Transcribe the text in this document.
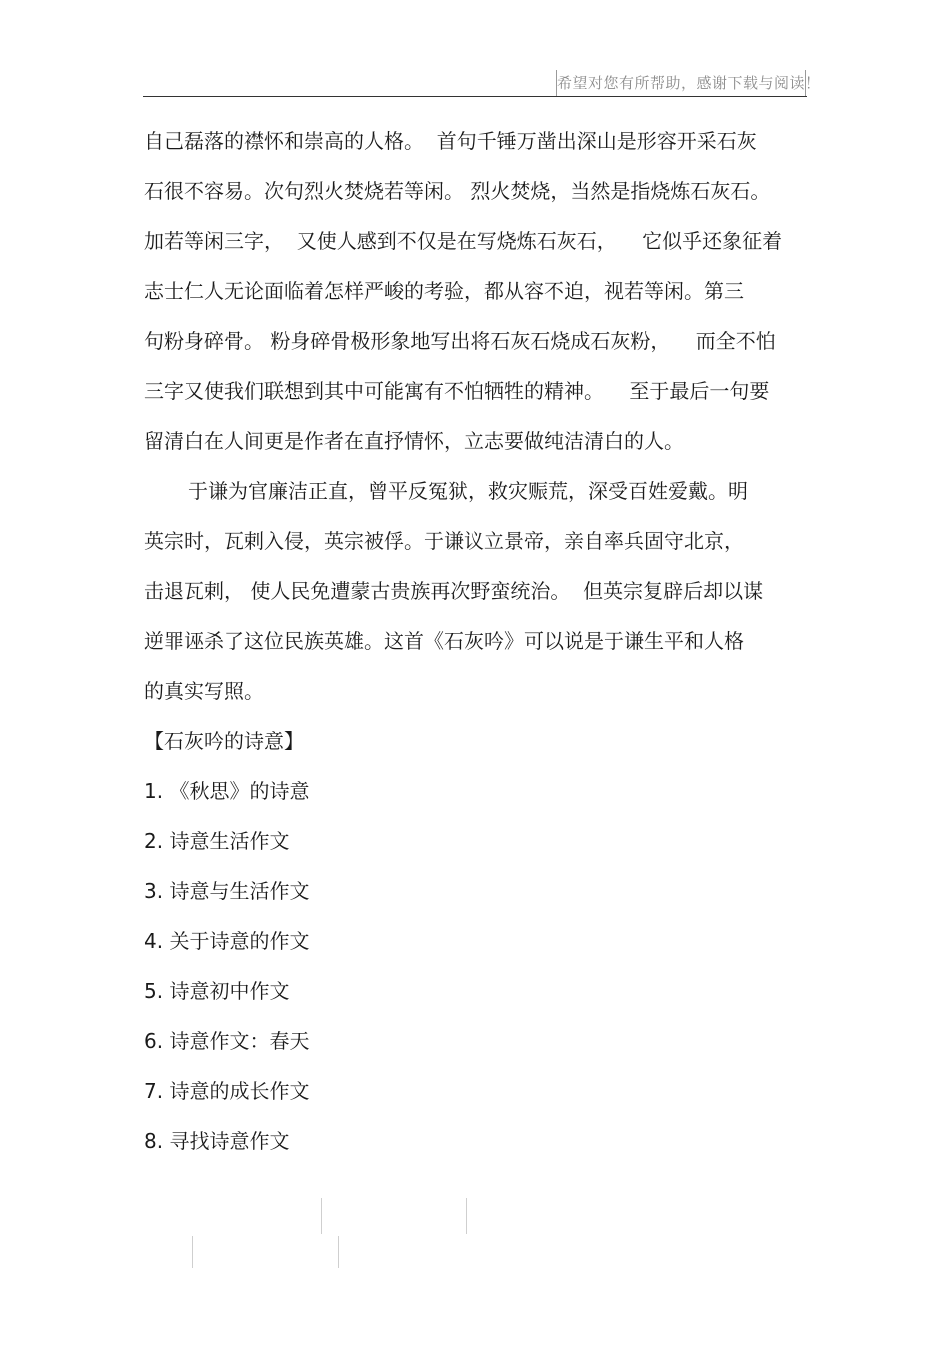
希望对您有所帮助，感谢下载与阅读！
自己磊落的襟怀和崇高的人格。  首句千锤万凿出深山是形容开采石灰
石很不容易。次句烈火焚烧若等闲。 烈火焚烧，当然是指烧炼石灰石。
加若等闲三字，  又使人感到不仅是在写烧炼石灰石，    它似乎还象征着
志士仁人无论面临着怎样严峻的考验，都从容不迫，视若等闲。第三
句粉身碎骨。 粉身碎骨极形象地写出将石灰石烧成石灰粉，    而全不怕
三字又使我们联想到其中可能寓有不怕牺牲的精神。    至于最后一句要
留清白在人间更是作者在直抒情怀，立志要做纯洁清白的人。
于谦为官廉洁正直，曾平反冤狱，救灾赈荒，深受百姓爱戴。明
英宗时，瓦剌入侵，英宗被俘。于谦议立景帝，亲自率兵固守北京，
击退瓦剌， 使人民免遭蒙古贵族再次野蛮统治。  但英宗复辟后却以谋
逆罪诬杀了这位民族英雄。这首《石灰吟》可以说是于谦生平和人格
的真实写照。
【石灰吟的诗意】
1. 《秋思》的诗意
2. 诗意生活作文
3. 诗意与生活作文
4. 关于诗意的作文
5. 诗意初中作文
6. 诗意作文：春天
7. 诗意的成长作文
8. 寻找诗意作文
